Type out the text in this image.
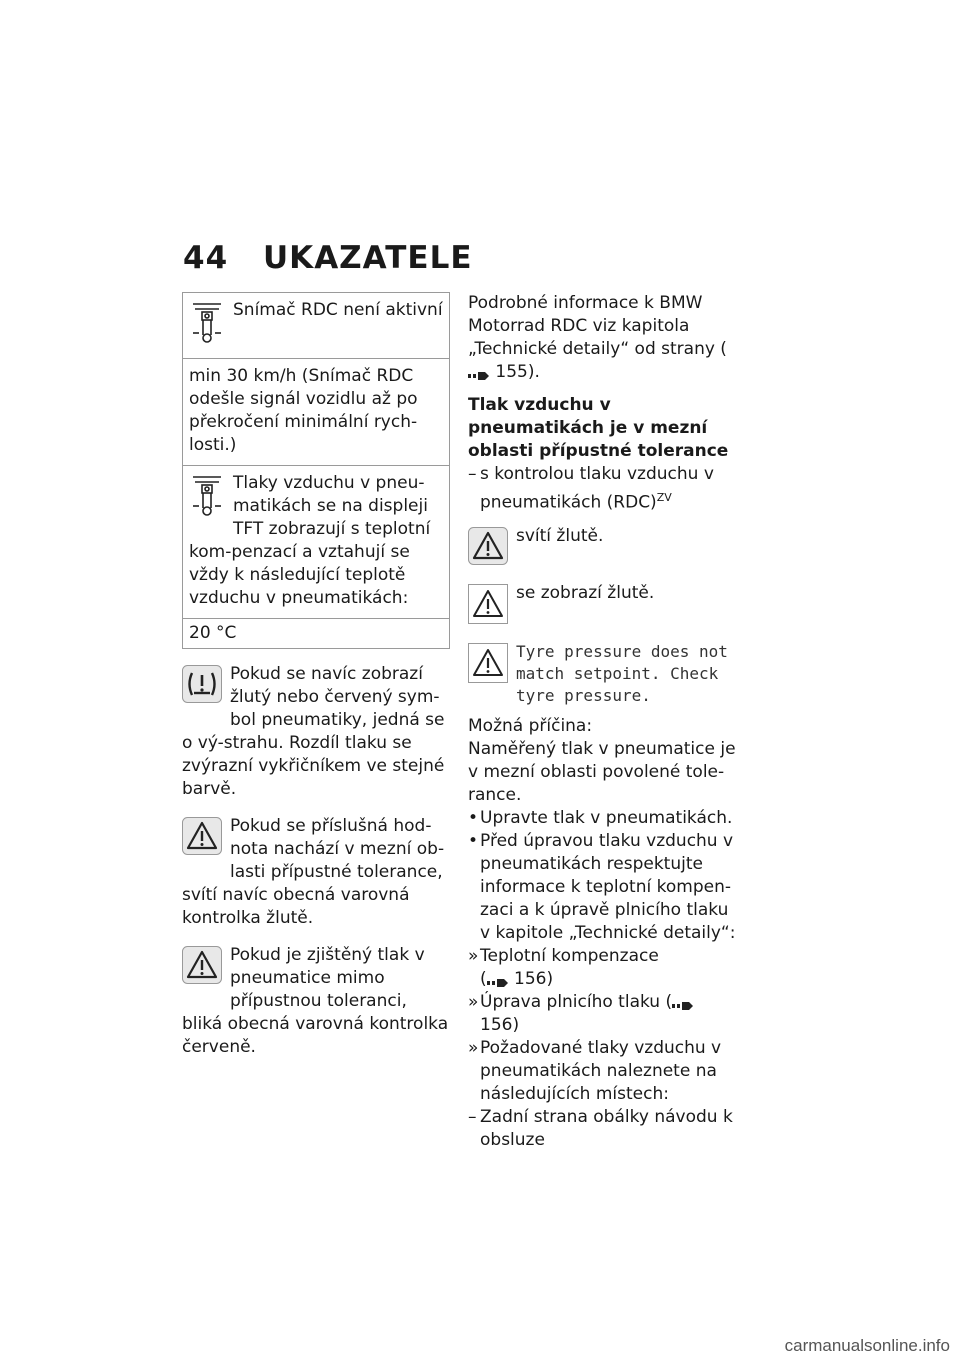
44 UKAZATELE
Snímač RDC není aktivní
min 30 km/h (Snímač RDC odešle signál vozidlu až po překročení minimální rych-losti.)
Tlaky vzduchu v pneu-matikách se na displeji TFT zobrazují s teplotní kom-penzací a vztahují se vždy k následující teplotě vzduchu v pneumatikách:
20 °C
Pokud se navíc zobrazí žlutý nebo červený sym-bol pneumatiky, jedná se o vý-strahu. Rozdíl tlaku se zvýrazní vykřičníkem ve stejné barvě.
Pokud se příslušná hod-nota nachází v mezní ob-lasti přípustné tolerance, svítí navíc obecná varovná kontrolka žlutě.
Pokud je zjištěný tlak v pneumatice mimo přípustnou toleranci, bliká obecná varovná kontrolka červeně.
Podrobné informace k BMW Motorrad RDC viz kapitola „Technické detaily“ od strany ( 155).
Tlak vzduchu v pneumatikách je v mezní oblasti přípustné tolerance
– s kontrolou tlaku vzduchu v pneumatikách (RDC)$^{ZV}$
svítí žlutě.
se zobrazí žlutě.
Tyre pressure does not match setpoint. Check tyre pressure.
Možná příčina:
Naměřený tlak v pneumatice je v mezní oblasti povolené tole-rance.
• Upravte tlak v pneumatikách.
• Před úpravou tlaku vzduchu v pneumatikách respektujte informace k teplotní kompen-zaci a k úpravě plnicího tlaku v kapitole „Technické detaily“:
» Teplotní kompenzace
( 156)
» Úprava plnicího tlaku ( 156)
» Požadované tlaky vzduchu v pneumatikách naleznete na následujících místech:
– Zadní strana obálky návodu k obsluze
carmanualsonline.info
